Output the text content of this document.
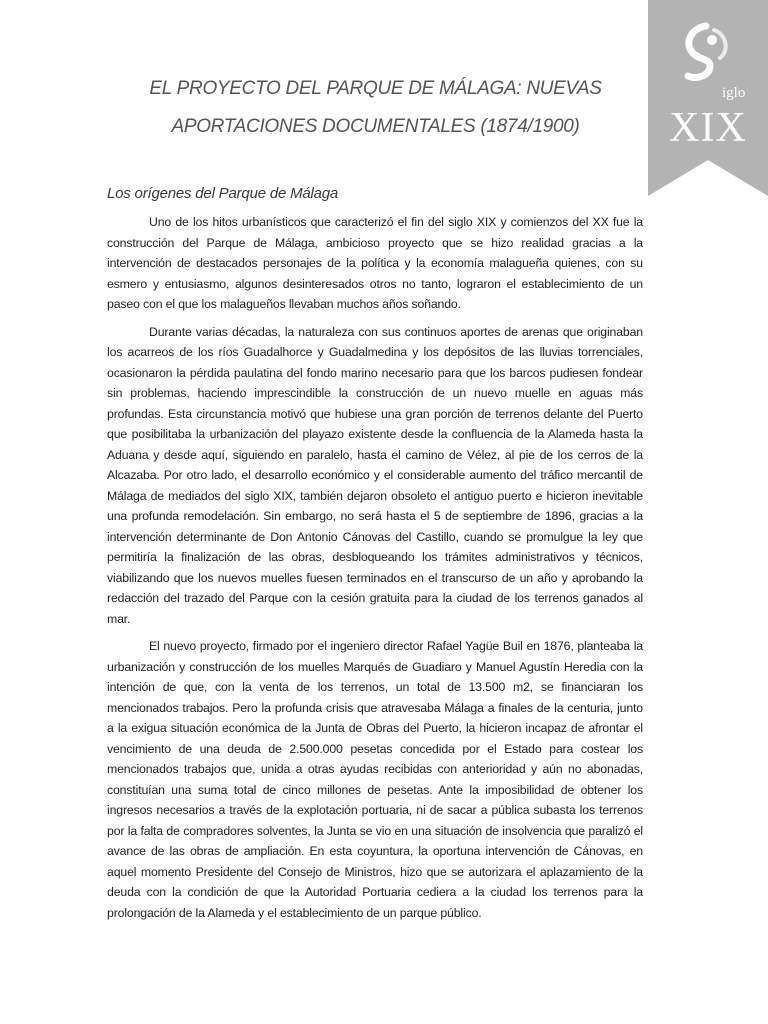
iglo
XIX

EL PROYECTO DEL PARQUE DE MÁLAGA: NUEVAS

APORTACIONES DOCUMENTALES (1874/1900)

Los orígenes del Parque de Málaga

Uno de los hitos urbanísticos que caracterizó el fin del siglo XIX y comienzos del XX fue la construcción del Parque de Málaga, ambicioso proyecto que se hizo realidad gracias a la intervención de destacados personajes de la política y la economía malagueña quienes, con su esmero y entusiasmo, algunos desinteresados otros no tanto, lograron el establecimiento de un paseo con el que los malagueños llevaban muchos años soñando.

Durante varias décadas, la naturaleza con sus continuos aportes de arenas que originaban los acarreos de los ríos Guadalhorce y Guadalmedina y los depósitos de las lluvias torrenciales, ocasionaron la pérdida paulatina del fondo marino necesario para que los barcos pudiesen fondear sin problemas, haciendo imprescindible la construcción de un nuevo muelle en aguas más profundas. Esta circunstancia motivó que hubiese una gran porción de terrenos delante del Puerto que posibilitaba la urbanización del playazo existente desde la confluencia de la Alameda hasta la Aduana y desde aquí, siguiendo en paralelo, hasta el camino de Vélez, al pie de los cerros de la Alcazaba. Por otro lado, el desarrollo económico y el considerable aumento del tráfico mercantil de Málaga de mediados del siglo XIX, también dejaron obsoleto el antiguo puerto e hicieron inevitable una profunda remodelación. Sin embargo, no será hasta el 5 de septiembre de 1896, gracias a la intervención determinante de Don Antonio Cánovas del Castillo, cuando se promulgue la ley que permitiría la finalización de las obras, desbloqueando los trámites administrativos y técnicos, viabilizando que los nuevos muelles fuesen terminados en el transcurso de un año y aprobando la redacción del trazado del Parque con la cesión gratuita para la ciudad de los terrenos ganados al mar.

El nuevo proyecto, firmado por el ingeniero director Rafael Yagüe Buil en 1876, planteaba la urbanización y construcción de los muelles Marqués de Guadiaro y Manuel Agustín Heredia con la intención de que, con la venta de los terrenos, un total de 13.500 m2, se financiaran los mencionados trabajos. Pero la profunda crisis que atravesaba Málaga a finales de la centuria, junto a la exigua situación económica de la Junta de Obras del Puerto, la hicieron incapaz de afrontar el vencimiento de una deuda de 2.500.000 pesetas concedida por el Estado para costear los mencionados trabajos que, unida a otras ayudas recibidas con anterioridad y aún no abonadas, constituían una suma total de cinco millones de pesetas. Ante la imposibilidad de obtener los ingresos necesarios a través de la explotación portuaria, ni de sacar a pública subasta los terrenos por la falta de compradores solventes, la Junta se vio en una situación de insolvencia que paralizó el avance de las obras de ampliación. En esta coyuntura, la oportuna intervención de Cánovas, en aquel momento Presidente del Consejo de Ministros, hizo que se autorizara el aplazamiento de la deuda con la condición de que la Autoridad Portuaria cediera a la ciudad los terrenos para la prolongación de la Alameda y el establecimiento de un parque público.
